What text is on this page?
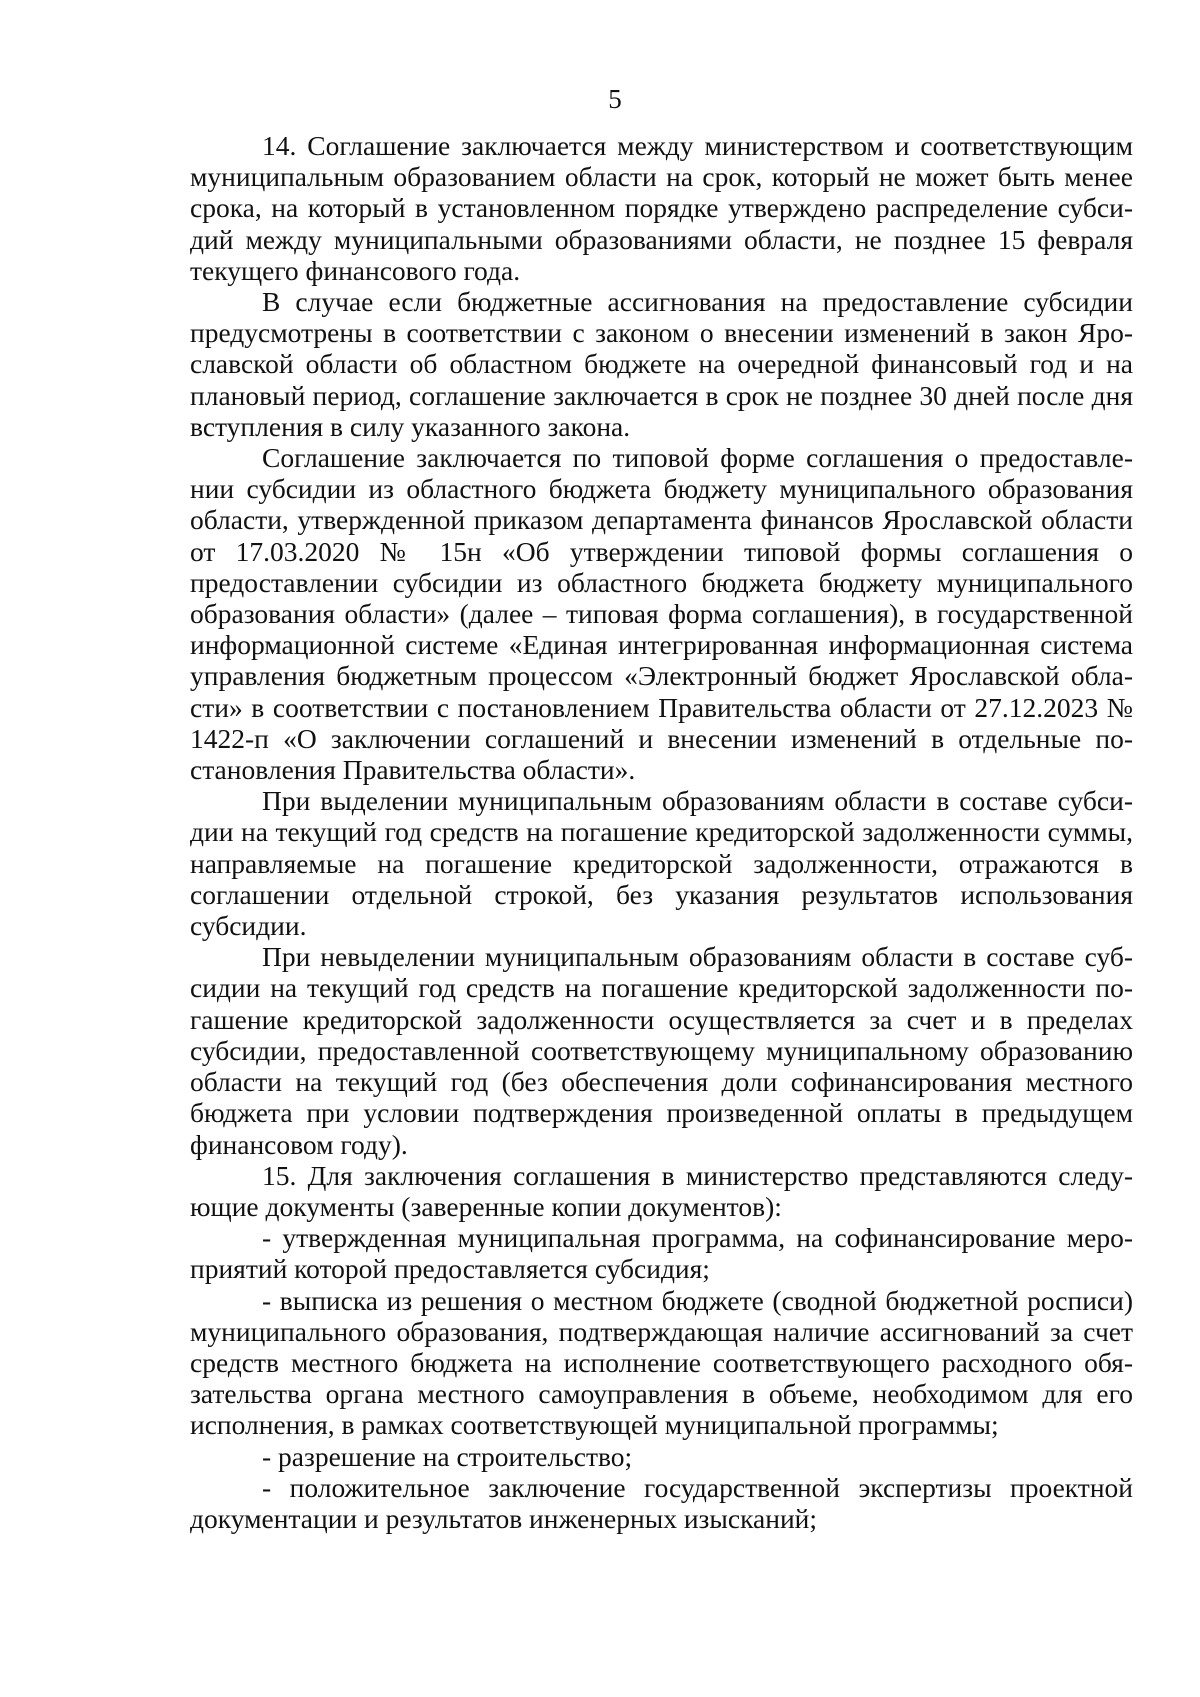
5

14. Соглашение заключается между министерством и соответствующим муниципальным образованием области на срок, который не может быть менее срока, на который в установленном порядке утверждено распределение субсидий между муниципальными образованиями области, не позднее 15 февраля текущего финансового года.

В случае если бюджетные ассигнования на предоставление субсидии предусмотрены в соответствии с законом о внесении изменений в закон Ярославской области об областном бюджете на очередной финансовый год и на плановый период, соглашение заключается в срок не позднее 30 дней после дня вступления в силу указанного закона.

Соглашение заключается по типовой форме соглашения о предоставлении субсидии из областного бюджета бюджету муниципального образования области, утвержденной приказом департамента финансов Ярославской области от 17.03.2020 № 15н «Об утверждении типовой формы соглашения о предоставлении субсидии из областного бюджета бюджету муниципального образования области» (далее – типовая форма соглашения), в государственной информационной системе «Единая интегрированная информационная система управления бюджетным процессом «Электронный бюджет Ярославской области» в соответствии с постановлением Правительства области от 27.12.2023 № 1422-п «О заключении соглашений и внесении изменений в отдельные постановления Правительства области».

При выделении муниципальным образованиям области в составе субсидии на текущий год средств на погашение кредиторской задолженности суммы, направляемые на погашение кредиторской задолженности, отражаются в соглашении отдельной строкой, без указания результатов использования субсидии.

При невыделении муниципальным образованиям области в составе субсидии на текущий год средств на погашение кредиторской задолженности погашение кредиторской задолженности осуществляется за счет и в пределах субсидии, предоставленной соответствующему муниципальному образованию области на текущий год (без обеспечения доли софинансирования местного бюджета при условии подтверждения произведенной оплаты в предыдущем финансовом году).

15. Для заключения соглашения в министерство представляются следующие документы (заверенные копии документов):

- утвержденная муниципальная программа, на софинансирование мероприятий которой предоставляется субсидия;

- выписка из решения о местном бюджете (сводной бюджетной росписи) муниципального образования, подтверждающая наличие ассигнований за счет средств местного бюджета на исполнение соответствующего расходного обязательства органа местного самоуправления в объеме, необходимом для его исполнения, в рамках соответствующей муниципальной программы;

- разрешение на строительство;

- положительное заключение государственной экспертизы проектной документации и результатов инженерных изысканий;
